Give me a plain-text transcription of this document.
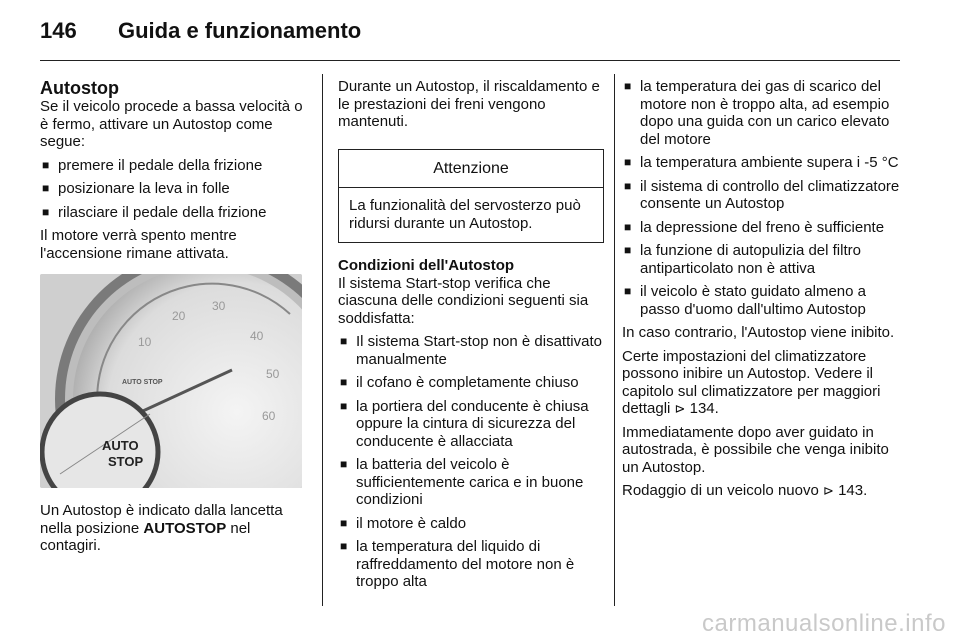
146 Guida e funzionamento
Autostop

Se il veicolo procede a bassa velocità o è fermo, attivare un Autostop come segue:

■ premere il pedale della frizione
■ posizionare la leva in folle
■ rilasciare il pedale della frizione

Il motore verrà spento mentre l'accensione rimane attivata.

10
20
30
40
50
60
AUTO STOP
AUTO
STOP

Un Autostop è indicato dalla lancetta nella posizione AUTOSTOP nel contagiri.

Durante un Autostop, il riscaldamento e le prestazioni dei freni vengono mantenuti.

Attenzione
La funzionalità del servosterzo può ridursi durante un Autostop.
Condizioni dell'Autostop

Il sistema Start-stop verifica che ciascuna delle condizioni seguenti sia soddisfatta:

■ Il sistema Start-stop non è disattivato manualmente
■ il cofano è completamente chiuso
■ la portiera del conducente è chiusa oppure la cintura di sicurezza del conducente è allacciata
■ la batteria del veicolo è sufficientemente carica e in buone condizioni
■ il motore è caldo
■ la temperatura del liquido di raffreddamento del motore non è troppo alta
■ la temperatura dei gas di scarico del motore non è troppo alta, ad esempio dopo una guida con un carico elevato del motore
■ la temperatura ambiente supera i -5 °C
■ il sistema di controllo del climatizzatore consente un Autostop
■ la depressione del freno è sufficiente
■ la funzione di autopulizia del filtro antiparticolato non è attiva
■ il veicolo è stato guidato almeno a passo d'uomo dall'ultimo Autostop

In caso contrario, l'Autostop viene inibito.

Certe impostazioni del climatizzatore possono inibire un Autostop. Vedere il capitolo sul climatizzatore per maggiori dettagli ⊳ 134.

Immediatamente dopo aver guidato in autostrada, è possibile che venga inibito un Autostop.

Rodaggio di un veicolo nuovo ⊳ 143.

carmanualsonline.info
